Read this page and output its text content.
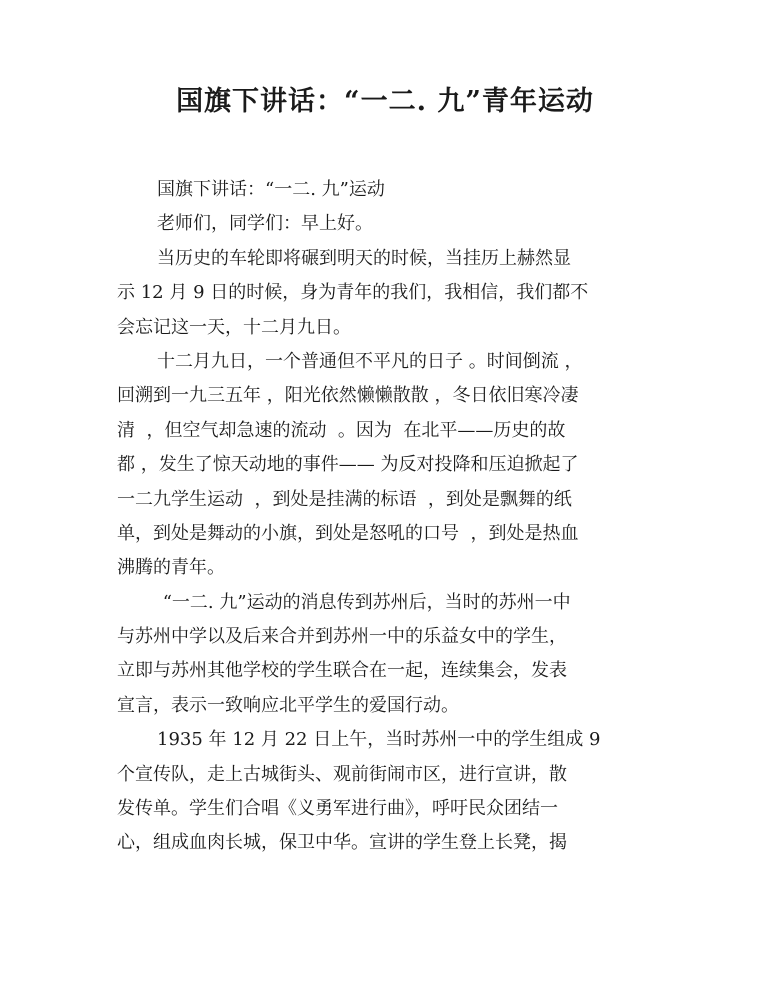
国旗下讲话：“一二. 九”青年运动

国旗下讲话：“一二. 九”运动

老师们，同学们：早上好。

当历史的车轮即将碾到明天的时候，当挂历上赫然显
示 12 月 9 日的时候，身为青年的我们，我相信，我们都不
会忘记这一天，十二月九日。

十二月九日，一个普通但不平凡的日子 。时间倒流 ，
回溯到一九三五年 ，阳光依然懒懒散散 ，冬日依旧寒冷凄
清  ，但空气却急速的流动  。因为  在北平——历史的故
都 ，发生了惊天动地的事件—— 为反对投降和压迫掀起了
一二九学生运动  ，到处是挂满的标语  ，到处是飘舞的纸
单，到处是舞动的小旗，到处是怒吼的口号  ，到处是热血
沸腾的青年。

“一二. 九”运动的消息传到苏州后，当时的苏州一中
与苏州中学以及后来合并到苏州一中的乐益女中的学生，
立即与苏州其他学校的学生联合在一起，连续集会，发表
宣言，表示一致响应北平学生的爱国行动。

1935 年 12 月 22 日上午，当时苏州一中的学生组成 9
个宣传队，走上古城街头、观前街闹市区，进行宣讲，散
发传单。学生们合唱《义勇军进行曲》，呼吁民众团结一
心，组成血肉长城，保卫中华。宣讲的学生登上长凳，揭
